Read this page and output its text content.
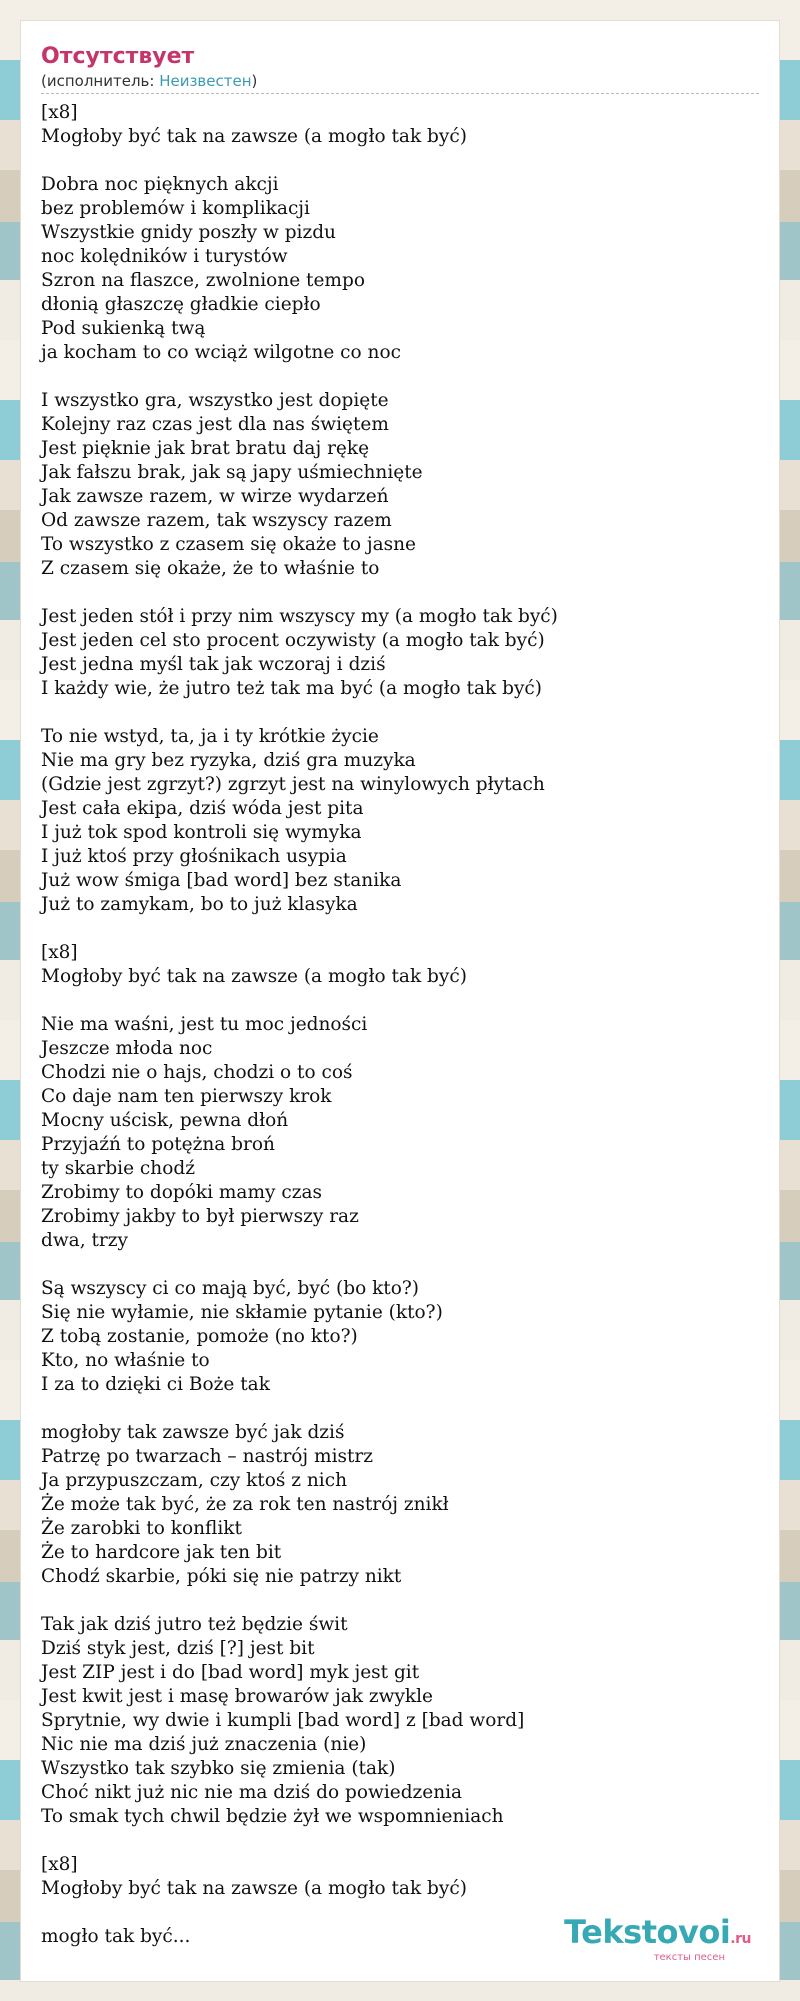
Отсутствует
(исполнитель: Неизвестен)
[x8]
Mogłoby być tak na zawsze (a mogło tak być)
Dobra noc pięknych akcji
bez problemów i komplikacji
Wszystkie gnidy poszły w pizdu
noc kolędników i turystów
Szron na flaszce, zwolnione tempo
dłonią głaszczę gładkie ciepło
Pod sukienką twą
ja kocham to co wciąż wilgotne co noc
I wszystko gra, wszystko jest dopięte
Kolejny raz czas jest dla nas świętem
Jest pięknie jak brat bratu daj rękę
Jak fałszu brak, jak są japy uśmiechnięte
Jak zawsze razem, w wirze wydarzeń
Od zawsze razem, tak wszyscy razem
To wszystko z czasem się okaże to jasne
Z czasem się okaże, że to właśnie to
Jest jeden stół i przy nim wszyscy my (a mogło tak być)
Jest jeden cel sto procent oczywisty (a mogło tak być)
Jest jedna myśl tak jak wczoraj i dziś
I każdy wie, że jutro też tak ma być (a mogło tak być)
To nie wstyd, ta, ja i ty krótkie życie
Nie ma gry bez ryzyka, dziś gra muzyka
(Gdzie jest zgrzyt?) zgrzyt jest na winylowych płytach
Jest cała ekipa, dziś wóda jest pita
I już tok spod kontroli się wymyka
I już ktoś przy głośnikach usypia
Już wow śmiga [bad word] bez stanika
Już to zamykam, bo to już klasyka
[x8]
Mogłoby być tak na zawsze (a mogło tak być)
Nie ma waśni, jest tu moc jedności
Jeszcze młoda noc
Chodzi nie o hajs, chodzi o to coś
Co daje nam ten pierwszy krok
Mocny uścisk, pewna dłoń
Przyjaźń to potężna broń
ty skarbie chodź
Zrobimy to dopóki mamy czas
Zrobimy jakby to był pierwszy raz
dwa, trzy
Są wszyscy ci co mają być, być (bo kto?)
Się nie wyłamie, nie skłamie pytanie (kto?)
Z tobą zostanie, pomoże (no kto?)
Kto, no właśnie to
I za to dzięki ci Boże tak
mogłoby tak zawsze być jak dziś
Patrzę po twarzach – nastrój mistrz
Ja przypuszczam, czy ktoś z nich
Że może tak być, że za rok ten nastrój znikł
Że zarobki to konflikt
Że to hardcore jak ten bit
Chodź skarbie, póki się nie patrzy nikt
Tak jak dziś jutro też będzie świt
Dziś styk jest, dziś [?] jest bit
Jest ZIP jest i do [bad word] myk jest git
Jest kwit jest i masę browarów jak zwykle
Sprytnie, wy dwie i kumpli [bad word] z [bad word]
Nic nie ma dziś już znaczenia (nie)
Wszystko tak szybko się zmienia (tak)
Choć nikt już nic nie ma dziś do powiedzenia
To smak tych chwil będzie żył we wspomnieniach
[x8]
Mogłoby być tak na zawsze (a mogło tak być)
mogło tak być...	Tekstovoi.ru
тексты песен
